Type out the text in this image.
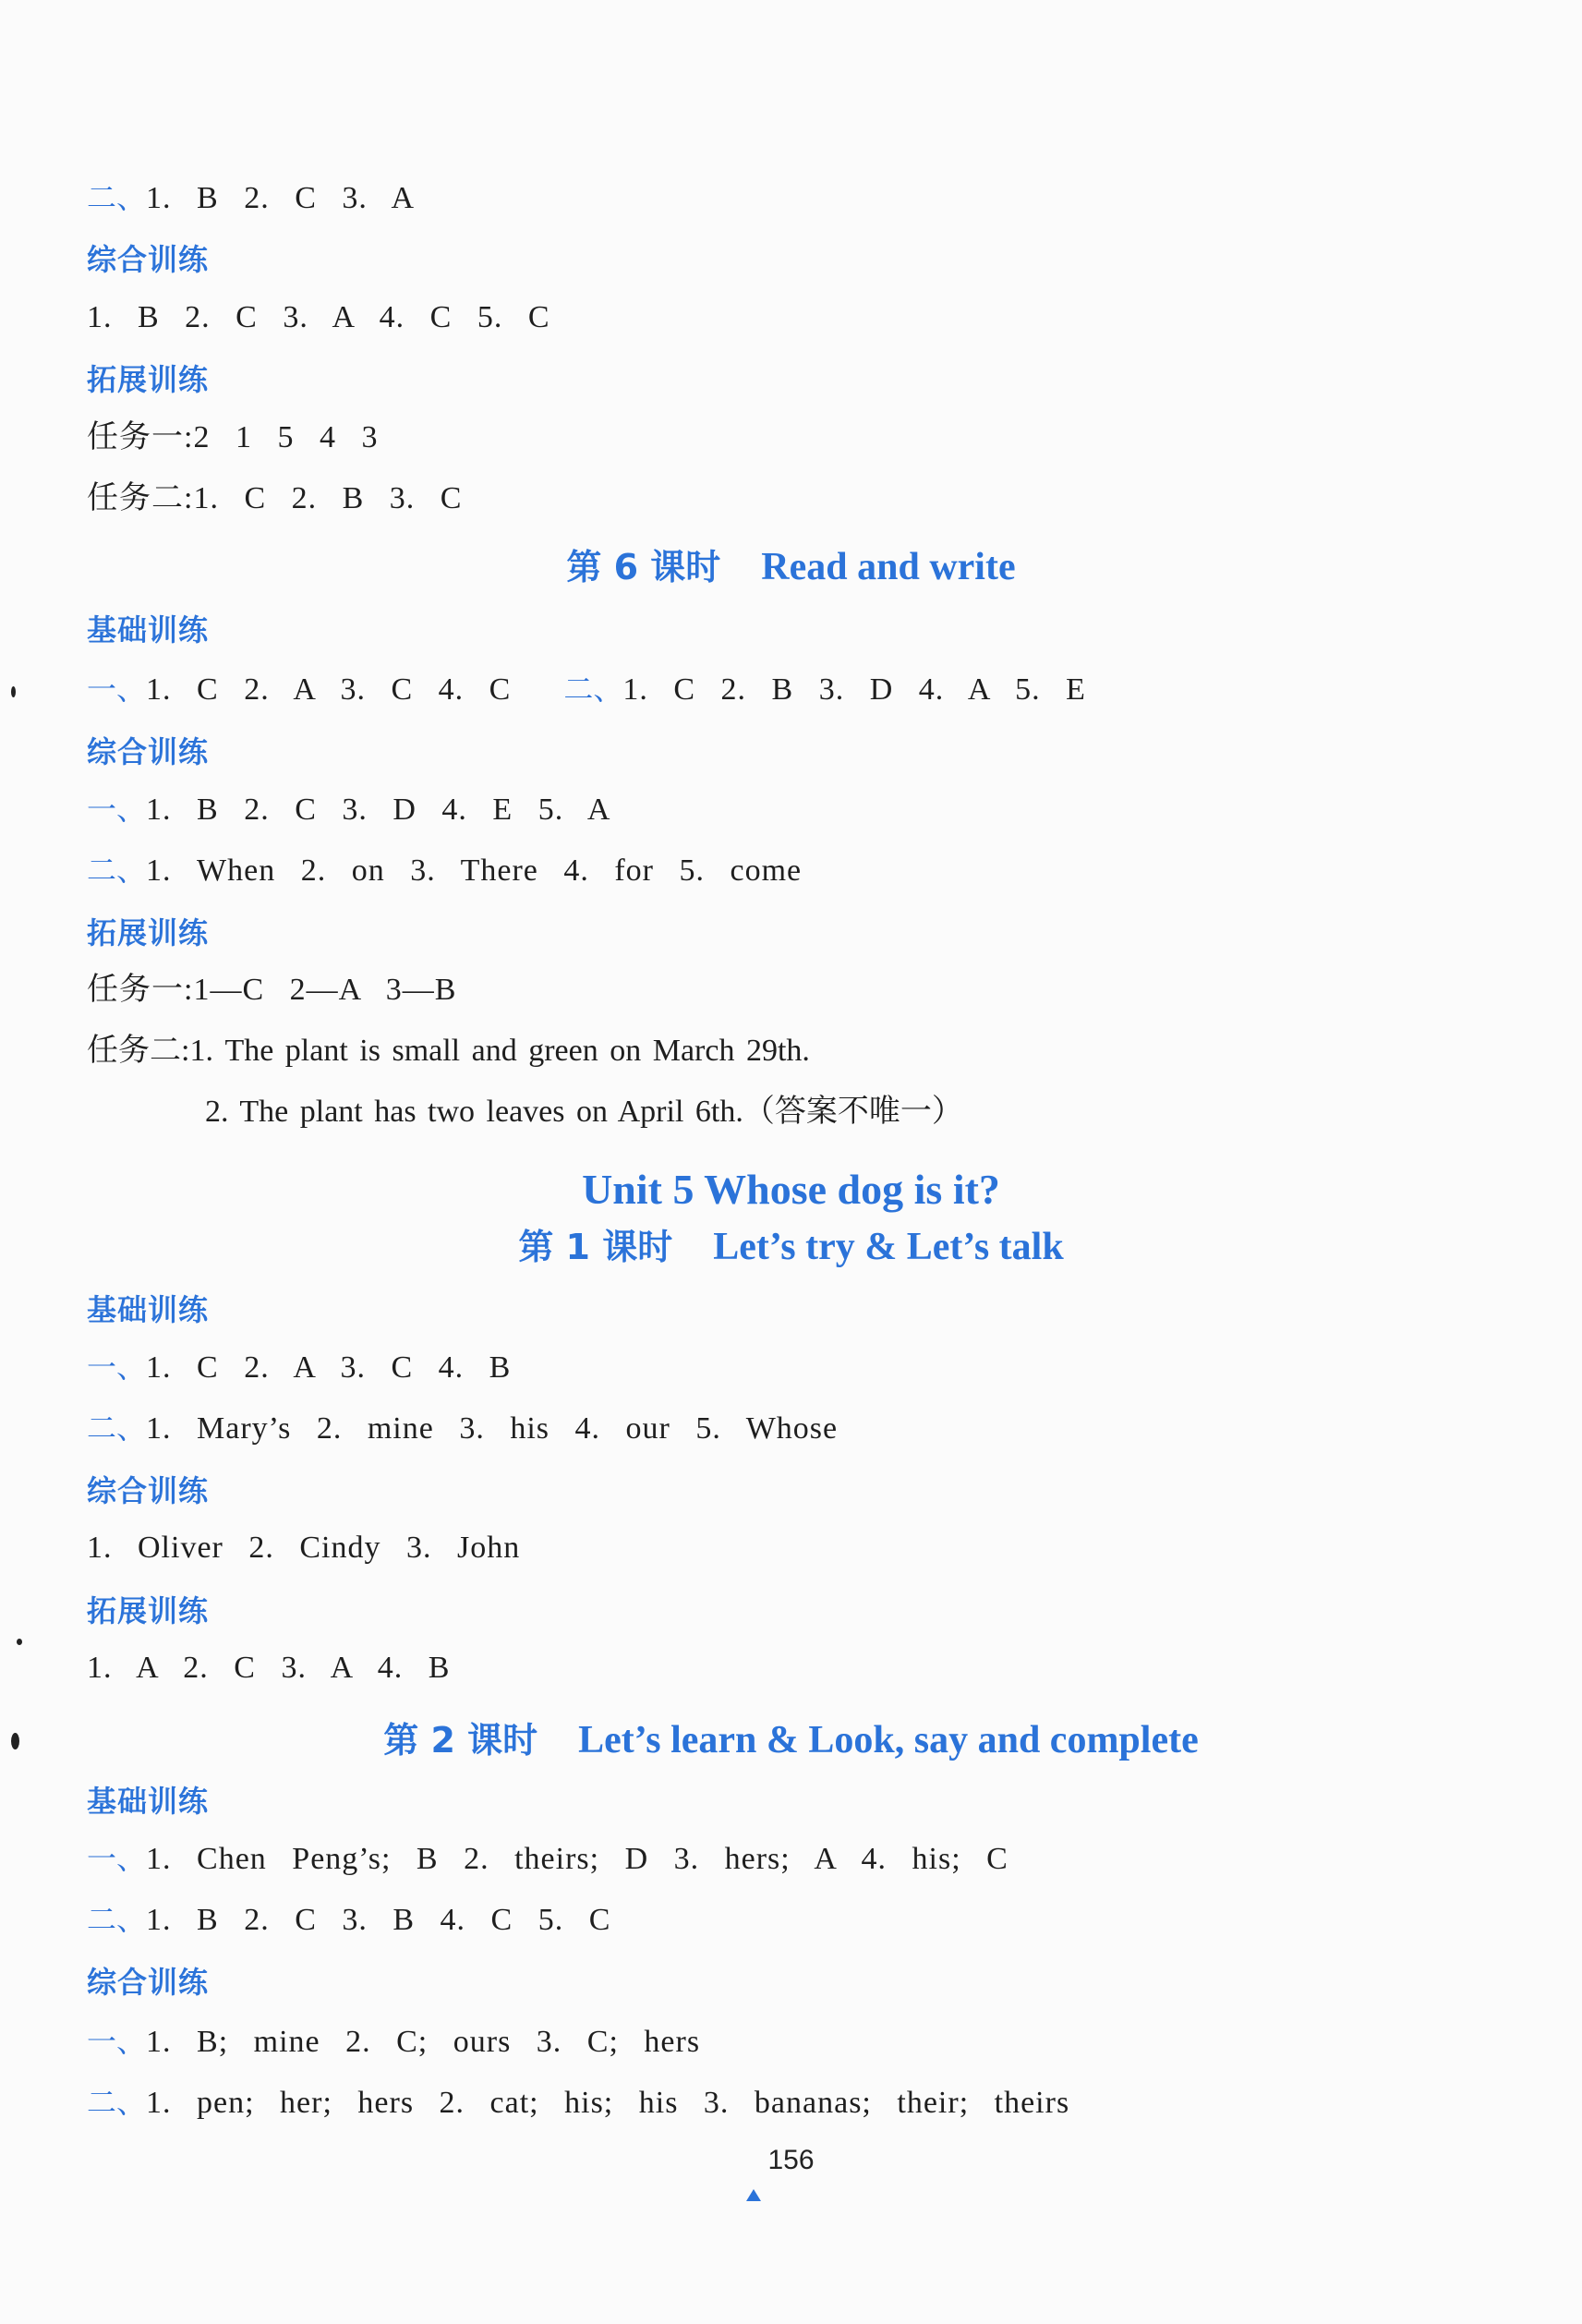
二、1. B 2. C 3. A
综合训练
1. B 2. C 3. A 4. C 5. C
拓展训练
任务一:2 1 5 4 3
任务二:1. C 2. B 3. C
第 6 课时 Read and write
基础训练
一、1. C 2. A 3. C 4. C 二、1. C 2. B 3. D 4. A 5. E
综合训练
一、1. B 2. C 3. D 4. E 5. A
二、1. When 2. on 3. There 4. for 5. come
拓展训练
任务一:1—C 2—A 3—B
任务二:1. The plant is small and green on March 29th.
2. The plant has two leaves on April 6th.（答案不唯一）
Unit 5 Whose dog is it?
第 1 课时 Let’s try & Let’s talk
基础训练
一、1. C 2. A 3. C 4. B
二、1. Mary’s 2. mine 3. his 4. our 5. Whose
综合训练
1. Oliver 2. Cindy 3. John
拓展训练
1. A 2. C 3. A 4. B
第 2 课时 Let’s learn & Look, say and complete
基础训练
一、1. Chen Peng’s; B 2. theirs; D 3. hers; A 4. his; C
二、1. B 2. C 3. B 4. C 5. C
综合训练
一、1. B; mine 2. C; ours 3. C; hers
二、1. pen; her; hers 2. cat; his; his 3. bananas; their; theirs
156
